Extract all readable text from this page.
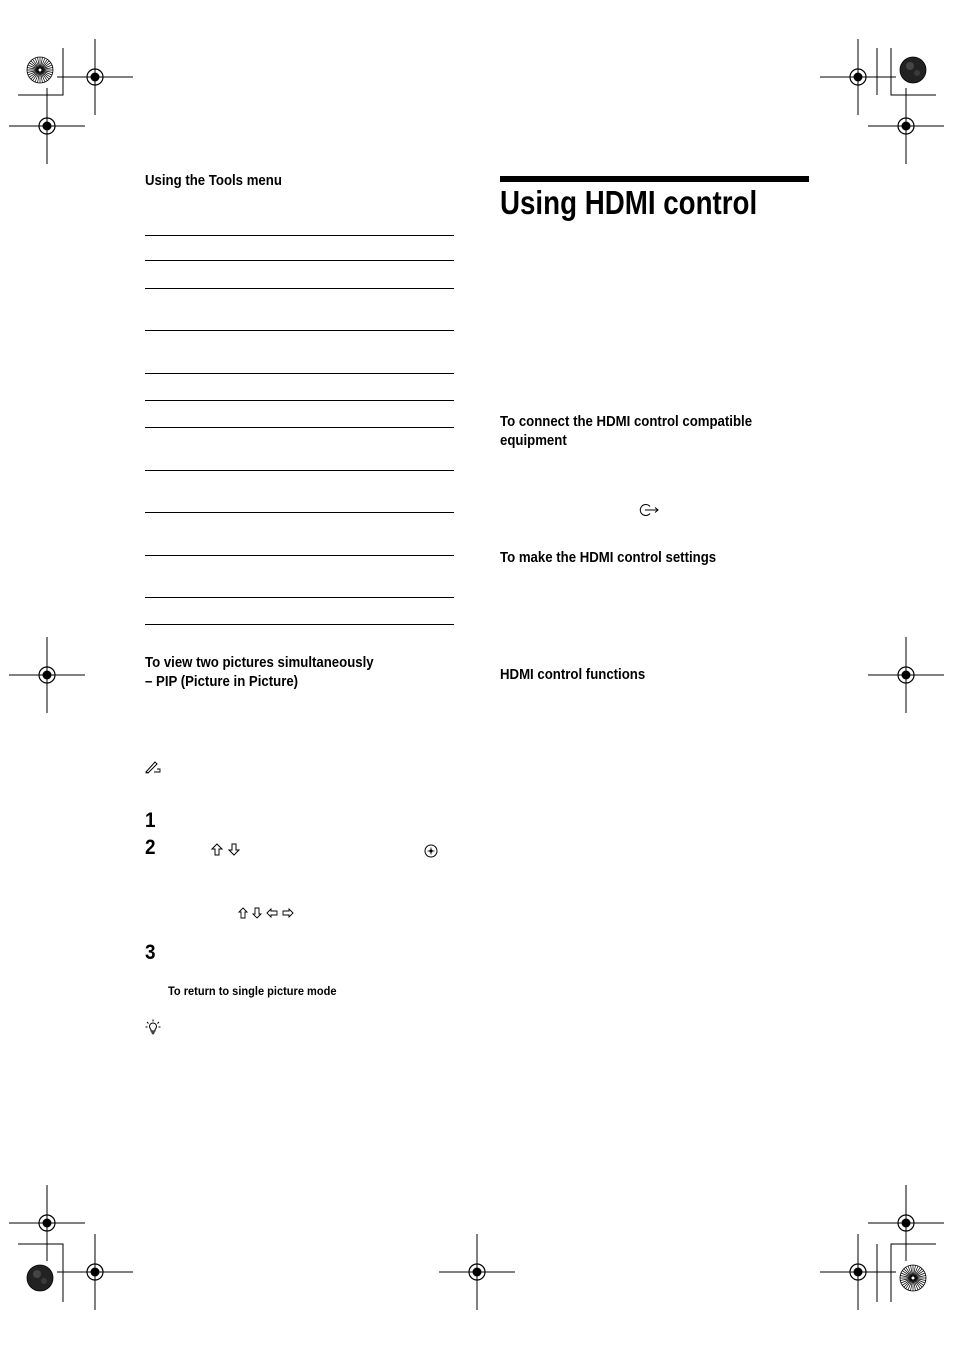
Using the Tools menu
To view two pictures simultaneously
– PIP (Picture in Picture)
1
2
3
To return to single picture mode
Using HDMI control
To connect the HDMI control compatible
equipment
To make the HDMI control settings
HDMI control functions
